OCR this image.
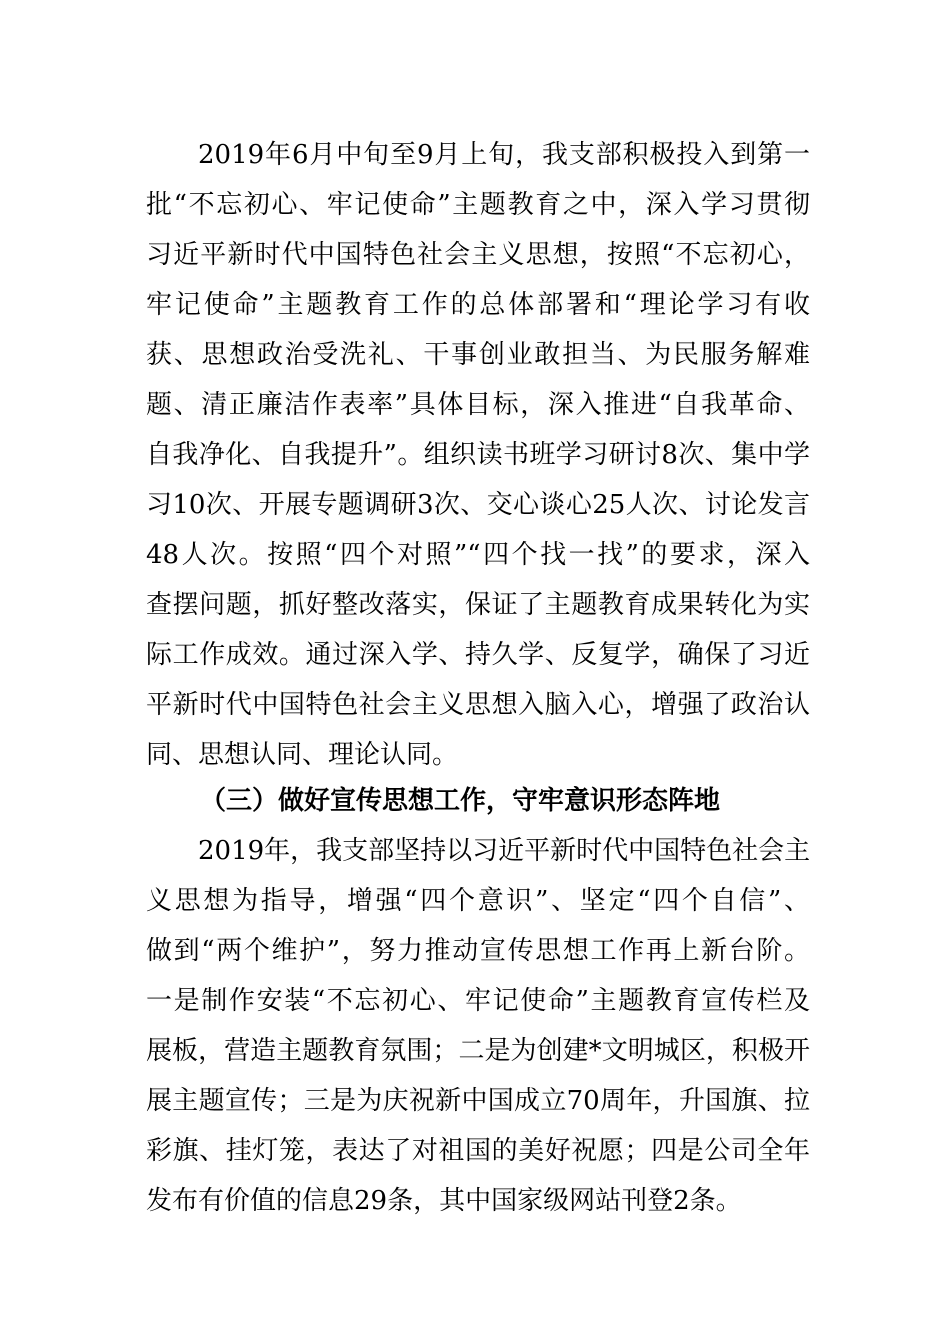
2019年6月中旬至9月上旬，我支部积极投入到第一
批“不忘初心、牢记使命”主题教育之中，深入学习贯彻
习近平新时代中国特色社会主义思想，按照“不忘初心，
牢记使命”主题教育工作的总体部署和“理论学习有收
获、思想政治受洗礼、干事创业敢担当、为民服务解难
题、清正廉洁作表率”具体目标，深入推进“自我革命、
自我净化、自我提升”。组织读书班学习研讨8次、集中学
习10次、开展专题调研3次、交心谈心25人次、讨论发言
48人次。按照“四个对照”“四个找一找”的要求，深入
查摆问题，抓好整改落实，保证了主题教育成果转化为实
际工作成效。通过深入学、持久学、反复学，确保了习近
平新时代中国特色社会主义思想入脑入心，增强了政治认
同、思想认同、理论认同。
（三）做好宣传思想工作，守牢意识形态阵地
2019年，我支部坚持以习近平新时代中国特色社会主
义思想为指导，增强“四个意识”、坚定“四个自信”、
做到“两个维护”，努力推动宣传思想工作再上新台阶。
一是制作安装“不忘初心、牢记使命”主题教育宣传栏及
展板，营造主题教育氛围；二是为创建*文明城区，积极开
展主题宣传；三是为庆祝新中国成立70周年，升国旗、拉
彩旗、挂灯笼，表达了对祖国的美好祝愿；四是公司全年
发布有价值的信息29条，其中国家级网站刊登2条。
